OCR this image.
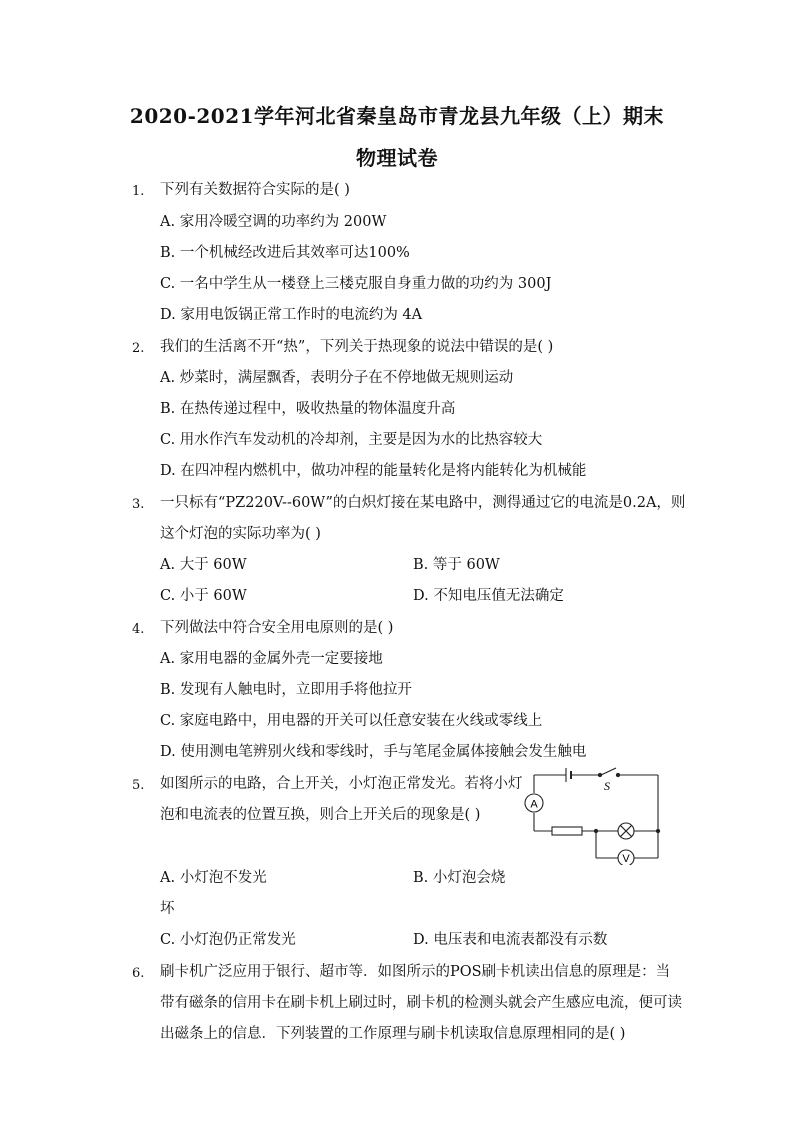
2020-2021学年河北省秦皇岛市青龙县九年级（上）期末
物理试卷
1. 下列有关数据符合实际的是( )
A. 家用冷暖空调的功率约为 200W
B. 一个机械经改进后其效率可达100%
C. 一名中学生从一楼登上三楼克服自身重力做的功约为 300J
D. 家用电饭锅正常工作时的电流约为 4A
2. 我们的生活离不开“热”，下列关于热现象的说法中错误的是( )
A. 炒菜时，满屋飘香，表明分子在不停地做无规则运动
B. 在热传递过程中，吸收热量的物体温度升高
C. 用水作汽车发动机的冷却剂，主要是因为水的比热容较大
D. 在四冲程内燃机中，做功冲程的能量转化是将内能转化为机械能
3. 一只标有“PZ220V--60W”的白炽灯接在某电路中，测得通过它的电流是0.2A，则
这个灯泡的实际功率为( )
A. 大于 60W	B. 等于 60W
C. 小于 60W	D. 不知电压值无法确定
4. 下列做法中符合安全用电原则的是( )
A. 家用电器的金属外壳一定要接地
B. 发现有人触电时，立即用手将他拉开
C. 家庭电路中，用电器的开关可以任意安装在火线或零线上
D. 使用测电笔辨别火线和零线时，手与笔尾金属体接触会发生触电
5. 如图所示的电路，合上开关，小灯泡正常发光。若将小灯
泡和电流表的位置互换，则合上开关后的现象是( )
A. 小灯泡不发光	B. 小灯泡会烧
坏
C. 小灯泡仍正常发光	D. 电压表和电流表都没有示数
A
V
S
6. 刷卡机广泛应用于银行、超市等．如图所示的POS刷卡机读出信息的原理是：当
带有磁条的信用卡在刷卡机上刷过时，刷卡机的检测头就会产生感应电流，便可读
出磁条上的信息．下列装置的工作原理与刷卡机读取信息原理相同的是( )
